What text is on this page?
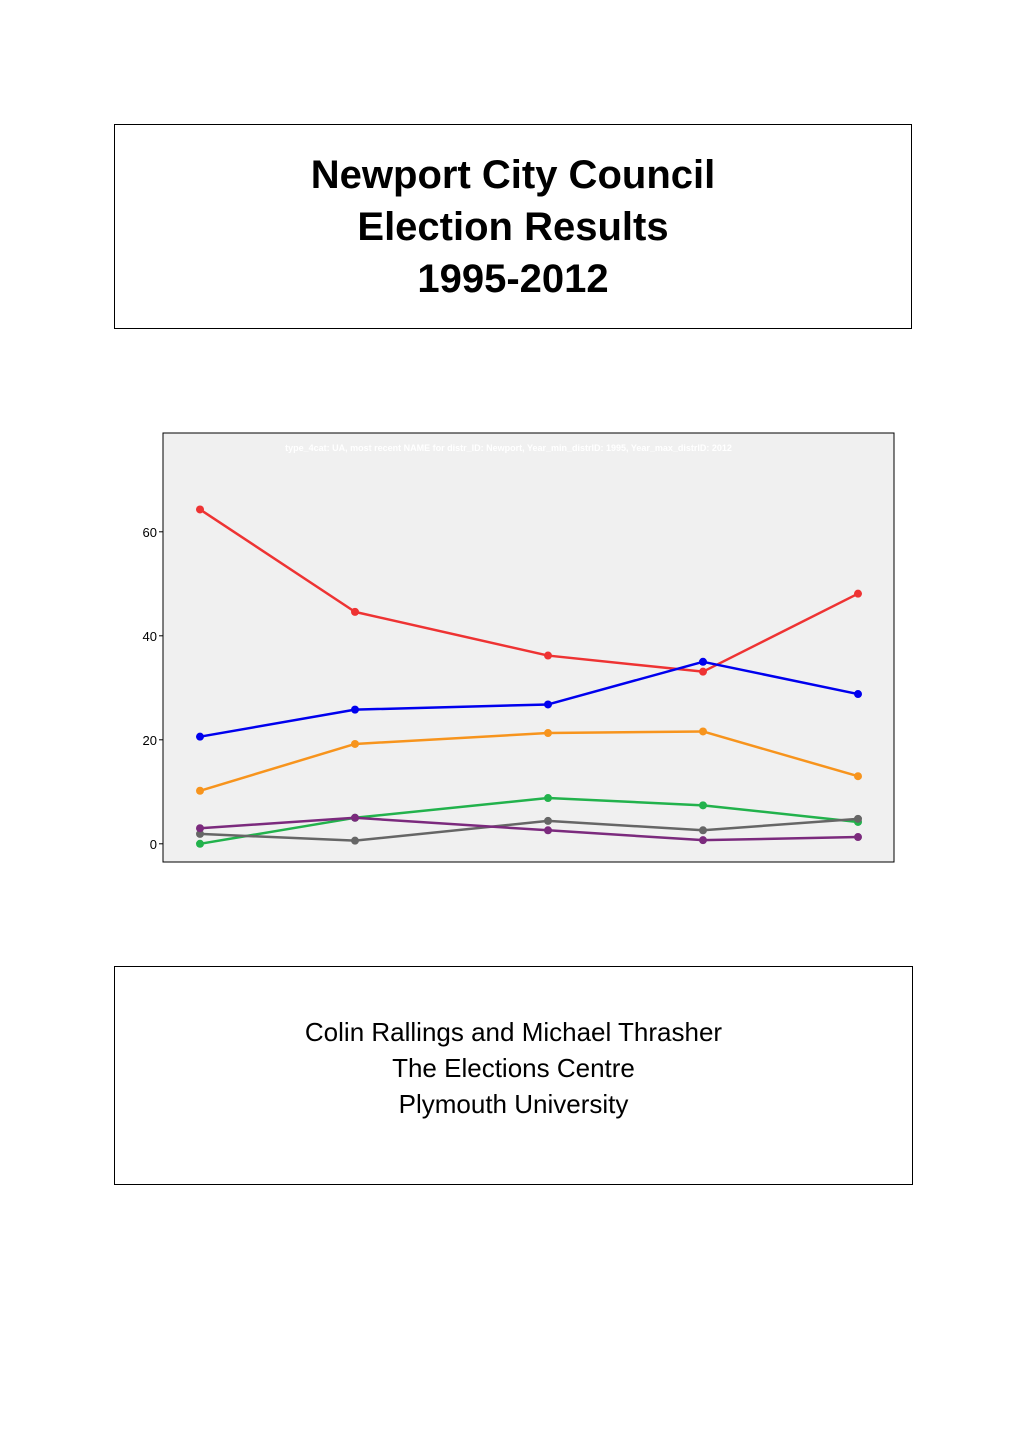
Newport City Council
Election Results
1995-2012
type_4cat: UA, most recent NAME for distr_ID: Newport, Year_min_distrID: 1995, Year_max_distrID: 2012
0
20
40
60
Colin Rallings and Michael Thrasher
The Elections Centre
Plymouth University
